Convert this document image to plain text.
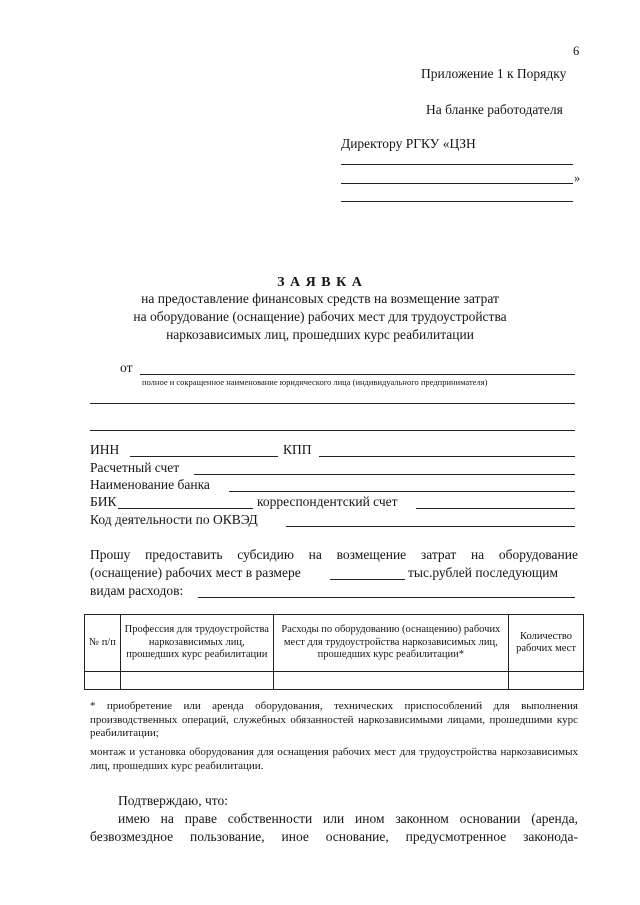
6
Приложение 1 к Порядку
На бланке работодателя
Директору РГКУ «ЦЗН
»
З А Я В К А
на предоставление финансовых средств на возмещение затрат
на оборудование (оснащение) рабочих мест для трудоустройства
наркозависимых лиц, прошедших курс реабилитации
от
полное и сокращенное наименование юридического лица (индивидуального предпринимателя)
ИНН	КПП
Расчетный счет
Наименование банка
БИК	корреспондентский счет
Код деятельности по ОКВЭД
Прошу предоставить субсидию на возмещение затрат на оборудование
(оснащение) рабочих мест в размере	тыс.рублей последующим
видам расходов:
№ п/п	Профессия для трудоустройства наркозависимых лиц, прошедших курс реабилитации	Расходы по оборудованию (оснащению) рабочих мест для трудоустройства наркозависимых лиц, прошедших курс реабилитации*	Количество рабочих мест

* приобретение или аренда оборудования, технических приспособлений для выполнения производственных операций, служебных обязанностей наркозависимыми лицами, прошедшими курс реабилитации;
монтаж и установка оборудования для оснащения рабочих мест для трудоустройства наркозависимых лиц, прошедших курс реабилитации.
Подтверждаю, что:
имею на праве собственности или ином законном основании (аренда,
безвозмездное пользование, иное основание, предусмотренное законода-
